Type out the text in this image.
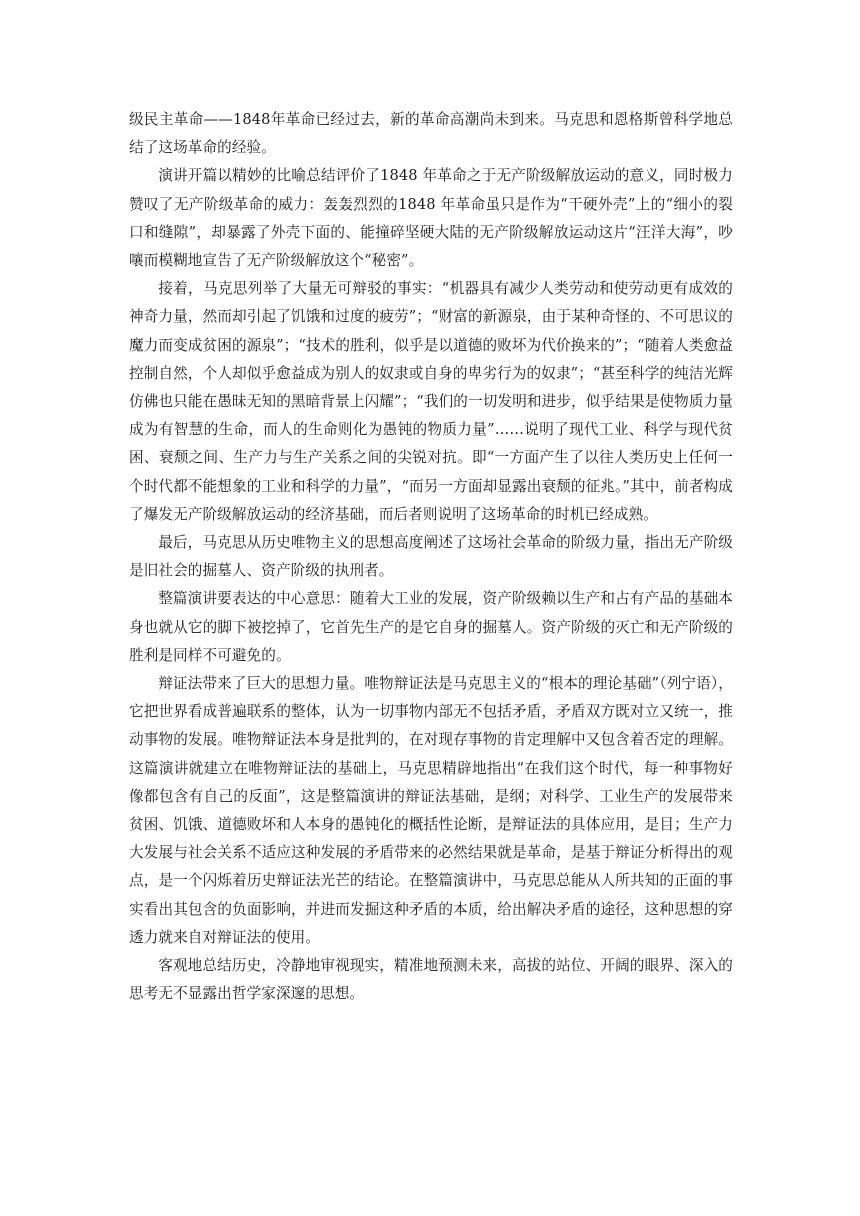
级民主革命——1848年革命已经过去，新的革命高潮尚未到来。马克思和恩格斯曾科学地总结了这场革命的经验。

演讲开篇以精妙的比喻总结评价了1848 年革命之于无产阶级解放运动的意义，同时极力赞叹了无产阶级革命的威力：轰轰烈烈的1848 年革命虽只是作为“干硬外壳”上的“细小的裂口和缝隙”，却暴露了外壳下面的、能撞碎坚硬大陆的无产阶级解放运动这片“汪洋大海”，吵嚷而模糊地宣告了无产阶级解放这个“秘密”。

接着，马克思列举了大量无可辩驳的事实：“机器具有减少人类劳动和使劳动更有成效的神奇力量，然而却引起了饥饿和过度的疲劳”；“财富的新源泉，由于某种奇怪的、不可思议的魔力而变成贫困的源泉”；“技术的胜利，似乎是以道德的败坏为代价换来的”；“随着人类愈益控制自然，个人却似乎愈益成为别人的奴隶或自身的卑劣行为的奴隶”；“甚至科学的纯洁光辉仿佛也只能在愚昧无知的黑暗背景上闪耀”；“我们的一切发明和进步，似乎结果是使物质力量成为有智慧的生命，而人的生命则化为愚钝的物质力量”……说明了现代工业、科学与现代贫困、衰颓之间、生产力与生产关系之间的尖锐对抗。即“一方面产生了以往人类历史上任何一个时代都不能想象的工业和科学的力量”，“而另一方面却显露出衰颓的征兆。”其中，前者构成了爆发无产阶级解放运动的经济基础，而后者则说明了这场革命的时机已经成熟。

最后，马克思从历史唯物主义的思想高度阐述了这场社会革命的阶级力量，指出无产阶级是旧社会的掘墓人、资产阶级的执刑者。

整篇演讲要表达的中心意思：随着大工业的发展，资产阶级赖以生产和占有产品的基础本身也就从它的脚下被挖掉了，它首先生产的是它自身的掘墓人。资产阶级的灭亡和无产阶级的胜利是同样不可避免的。

辩证法带来了巨大的思想力量。唯物辩证法是马克思主义的“根本的理论基础”（列宁语），它把世界看成普遍联系的整体，认为一切事物内部无不包括矛盾，矛盾双方既对立又统一，推动事物的发展。唯物辩证法本身是批判的，在对现存事物的肯定理解中又包含着否定的理解。这篇演讲就建立在唯物辩证法的基础上，马克思精辟地指出“在我们这个时代，每一种事物好像都包含有自己的反面”，这是整篇演讲的辩证法基础，是纲；对科学、工业生产的发展带来贫困、饥饿、道德败坏和人本身的愚钝化的概括性论断，是辩证法的具体应用，是目；生产力大发展与社会关系不适应这种发展的矛盾带来的必然结果就是革命，是基于辩证分析得出的观点，是一个闪烁着历史辩证法光芒的结论。在整篇演讲中，马克思总能从人所共知的正面的事实看出其包含的负面影响，并进而发掘这种矛盾的本质，给出解决矛盾的途径，这种思想的穿透力就来自对辩证法的使用。

客观地总结历史，冷静地审视现实，精准地预测未来，高拔的站位、开阔的眼界、深入的思考无不显露出哲学家深邃的思想。
